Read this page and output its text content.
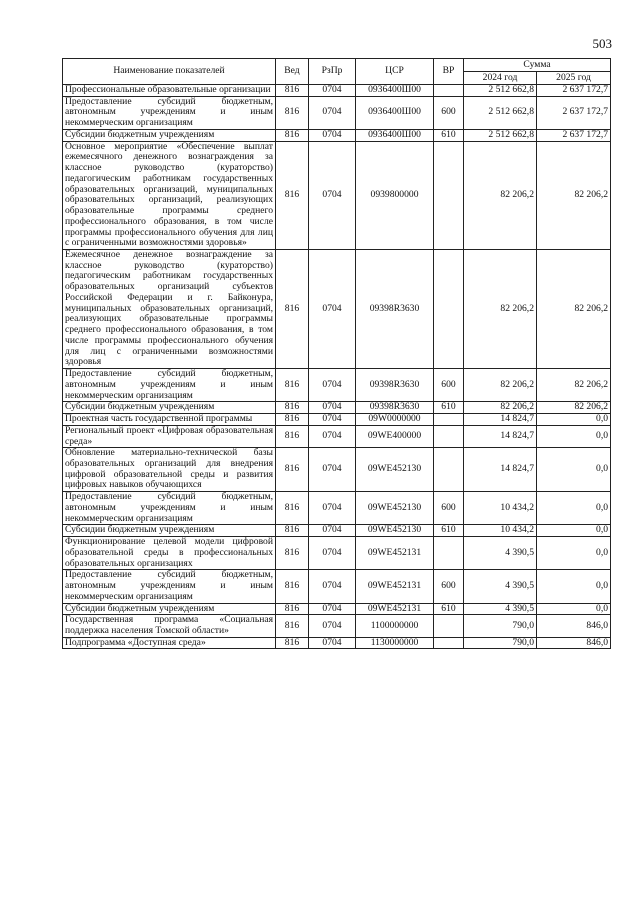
503
Наименование показателей	Вед	РзПр	ЦСР	ВР	Сумма	
					2024 год	2025 год
Профессиональные образовательные организации	816	0704	0936400Ш00		2 512 662,8	2 637 172,7
Предоставление субсидий бюджетным, автономным учреждениям и иным некоммерческим организациям	816	0704	0936400Ш00	600	2 512 662,8	2 637 172,7
Субсидии бюджетным учреждениям	816	0704	0936400Ш00	610	2 512 662,8	2 637 172,7
Основное мероприятие «Обеспечение выплат ежемесячного денежного вознаграждения за классное руководство (кураторство) педагогическим работникам государственных образовательных организаций, муниципальных образовательных организаций, реализующих образовательные программы среднего профессионального образования, в том числе программы профессионального обучения для лиц с ограниченными возможностями здоровья»	816	0704	0939800000		82 206,2	82 206,2
Ежемесячное денежное вознаграждение за классное руководство (кураторство) педагогическим работникам государственных образовательных организаций субъектов Российской Федерации и г. Байконура, муниципальных образовательных организаций, реализующих образовательные программы среднего профессионального образования, в том числе программы профессионального обучения для лиц с ограниченными возможностями здоровья	816	0704	09398R3630		82 206,2	82 206,2
Предоставление субсидий бюджетным, автономным учреждениям и иным некоммерческим организациям	816	0704	09398R3630	600	82 206,2	82 206,2
Субсидии бюджетным учреждениям	816	0704	09398R3630	610	82 206,2	82 206,2
Проектная часть государственной программы	816	0704	09W0000000		14 824,7	0,0
Региональный проект «Цифровая образовательная среда»	816	0704	09WE400000		14 824,7	0,0
Обновление материально-технической базы образовательных организаций для внедрения цифровой образовательной среды и развития цифровых навыков обучающихся	816	0704	09WE452130		14 824,7	0,0
Предоставление субсидий бюджетным, автономным учреждениям и иным некоммерческим организациям	816	0704	09WE452130	600	10 434,2	0,0
Субсидии бюджетным учреждениям	816	0704	09WE452130	610	10 434,2	0,0
Функционирование целевой модели цифровой образовательной среды в профессиональных образовательных организациях	816	0704	09WE452131		4 390,5	0,0
Предоставление субсидий бюджетным, автономным учреждениям и иным некоммерческим организациям	816	0704	09WE452131	600	4 390,5	0,0
Субсидии бюджетным учреждениям	816	0704	09WE452131	610	4 390,5	0,0
Государственная программа «Социальная поддержка населения Томской области»	816	0704	1100000000		790,0	846,0
Подпрограмма «Доступная среда»	816	0704	1130000000		790,0	846,0
